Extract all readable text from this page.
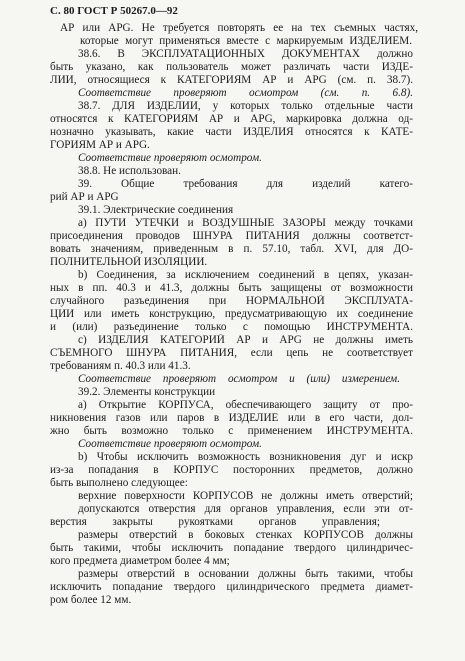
С. 80 ГОСТ Р 50267.0—92
АР или APG. Не требуется повторять ее на тех съемных частях,
которые могут применяться вместе с маркируемым ИЗДЕЛИЕМ.
38.6. В ЭКСПЛУАТАЦИОННЫХ ДОКУМЕНТАХ должно
быть указано, как пользователь может различать части ИЗДЕ-
ЛИИ, относящиеся к КАТЕГОРИЯМ АР и APG (см. п. 38.7).
Соответствие проверяют осмотром (см. п. 6.8).
38.7. ДЛЯ ИЗДЕЛИИ, у которых только отдельные части
относятся к КАТЕГОРИЯМ АР и APG, маркировка должна од-
нозначно указывать, какие части ИЗДЕЛИЯ относятся к КАТЕ-
ГОРИЯМ АР и APG.
Соответствие проверяют осмотром.
38.8. Не использован.
39. Общие требования для изделий катего-
рий АР и APG
39.1. Электрические соединения
а) ПУТИ УТЕЧКИ и ВОЗДУШНЫЕ ЗАЗОРЫ между точками
присоединения проводов ШНУРА ПИТАНИЯ должны соответст-
вовать значениям, приведенным в п. 57.10, табл. XVI, для ДО-
ПОЛНИТЕЛЬНОЙ ИЗОЛЯЦИИ.
b) Соединения, за исключением соединений в цепях, указан-
ных в пп. 40.3 и 41.3, должны быть защищены от возможности
случайного разъединения при НОРМАЛЬНОЙ ЭКСПЛУАТА-
ЦИИ или иметь конструкцию, предусматривающую их соединение
и (или) разъединение только с помощью ИНСТРУМЕНТА.
с) ИЗДЕЛИЯ КАТЕГОРИЙ АР и APG не должны иметь
СЪЕМНОГО ШНУРА ПИТАНИЯ, если цепь не соответствует
требованиям п. 40.3 или 41.3.
Соответствие проверяют осмотром и (или) измерением.
39.2. Элементы конструкции
а) Открытие КОРПУСА, обеспечивающего защиту от про-
никновения газов или паров в ИЗДЕЛИЕ или в его части, дол-
жно быть возможно только с применением ИНСТРУМЕНТА.
Соответствие проверяют осмотром.
b) Чтобы исключить возможность возникновения дуг и искр
из-за попадания в КОРПУС посторонних предметов, должно
быть выполнено следующее:
верхние поверхности КОРПУСОВ не должны иметь отверстий;
допускаются отверстия для органов управления, если эти от-
верстия закрыты рукоятками органов управления;
размеры отверстий в боковых стенках КОРПУСОВ должны
быть такими, чтобы исключить попадание твердого цилиндричес-
кого предмета диаметром более 4 мм;
размеры отверстий в основании должны быть такими, чтобы
исключить попадание твердого цилиндрического предмета диамет-
ром более 12 мм.
